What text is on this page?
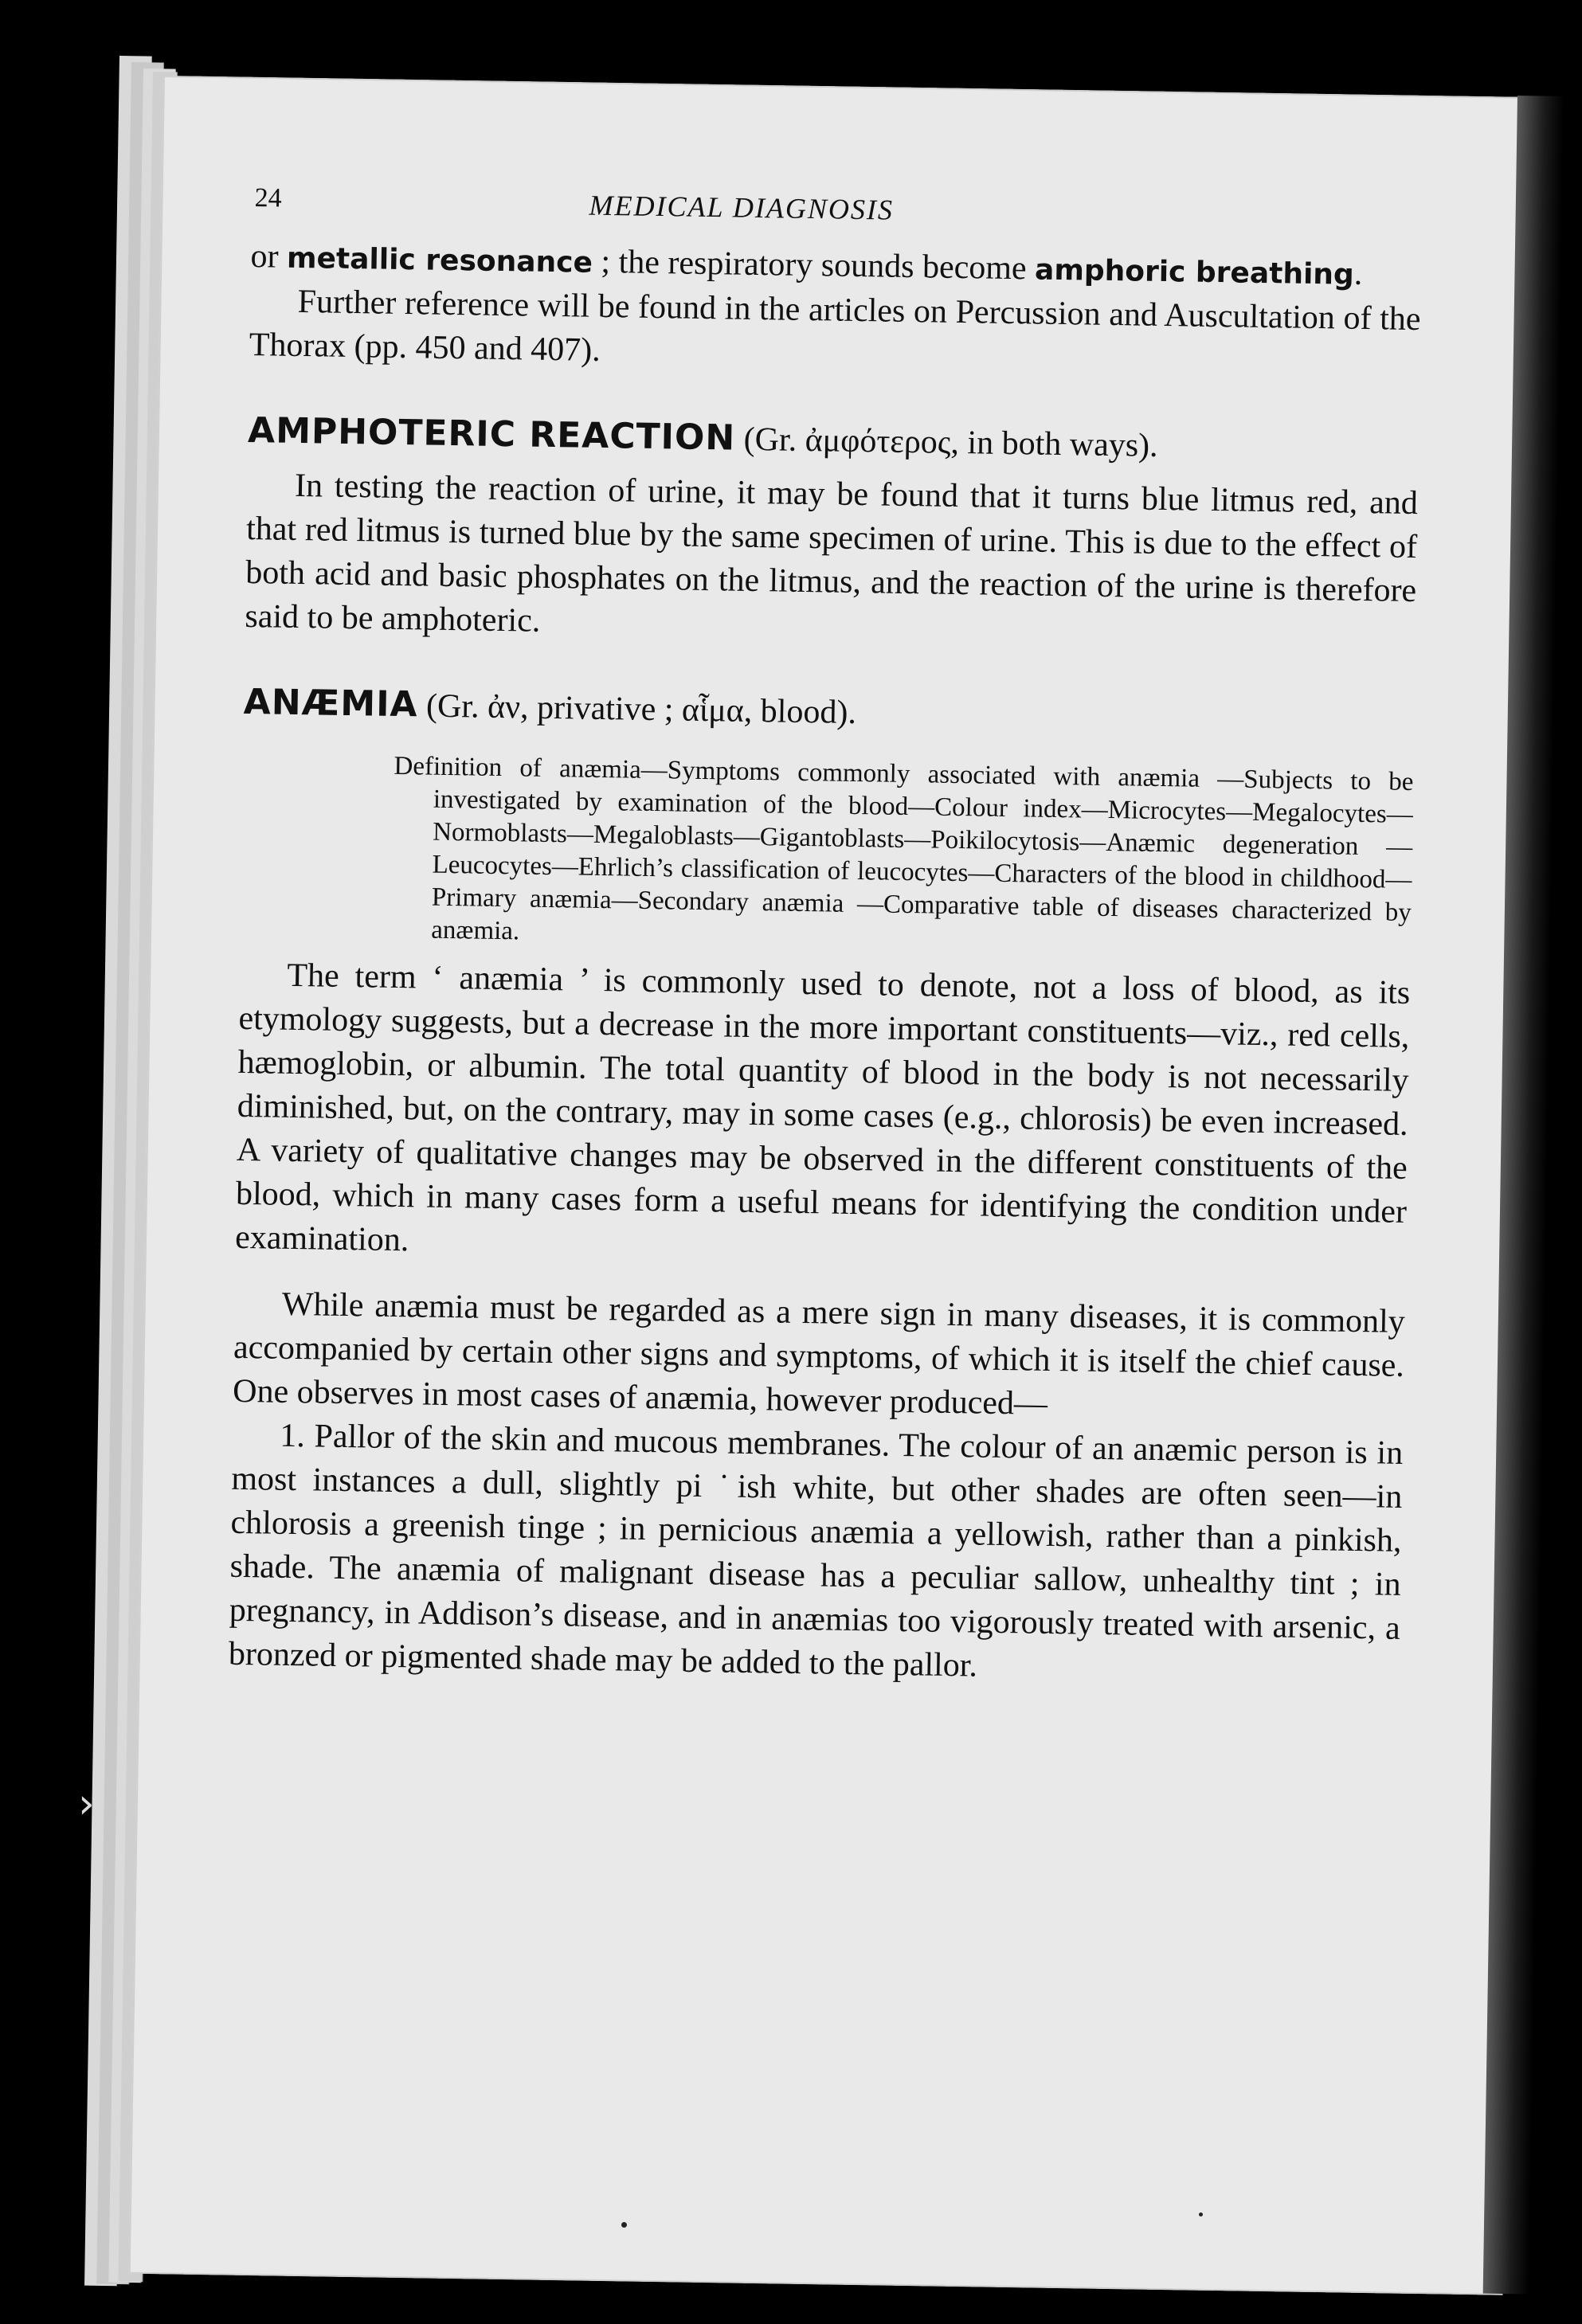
›
24	MEDICAL DIAGNOSIS

or metallic resonance ; the respiratory sounds become amphoric breathing.

Further reference will be found in the articles on Percussion and Auscultation of the Thorax (pp. 450 and 407).

AMPHOTERIC REACTION (Gr. ἀμφότερος, in both ways).

In testing the reaction of urine, it may be found that it turns blue litmus red, and that red litmus is turned blue by the same specimen of urine. This is due to the effect of both acid and basic phosphates on the litmus, and the reaction of the urine is therefore said to be amphoteric.

ANÆMIA (Gr. ἀν, privative ; αἷμα, blood).

Definition of anæmia—Symptoms commonly associated with anæmia —Subjects to be investigated by examination of the blood—Colour index—Microcytes—Megalocytes—Normoblasts—Megaloblasts—Gigantoblasts—Poikilocytosis—Anæmic degeneration —Leucocytes—Ehrlich’s classification of leucocytes—Characters of the blood in childhood—Primary anæmia—Secondary anæmia —Comparative table of diseases characterized by anæmia.

The term ‘ anæmia ’ is commonly used to denote, not a loss of blood, as its etymology suggests, but a decrease in the more important constituents—viz., red cells, hæmoglobin, or albumin. The total quantity of blood in the body is not necessarily diminished, but, on the contrary, may in some cases (e.g., chlorosis) be even increased. A variety of qualitative changes may be observed in the different constituents of the blood, which in many cases form a useful means for identifying the condition under examination.

While anæmia must be regarded as a mere sign in many diseases, it is commonly accompanied by certain other signs and symptoms, of which it is itself the chief cause. One observes in most cases of anæmia, however produced—

1. Pallor of the skin and mucous membranes. The colour of an anæmic person is in most instances a dull, slightly pi ˙ish white, but other shades are often seen—in chlorosis a greenish tinge ; in pernicious anæmia a yellowish, rather than a pinkish, shade. The anæmia of malignant disease has a peculiar sallow, unhealthy tint ; in pregnancy, in Addison’s disease, and in anæmias too vigorously treated with arsenic, a bronzed or pigmented shade may be added to the pallor.
